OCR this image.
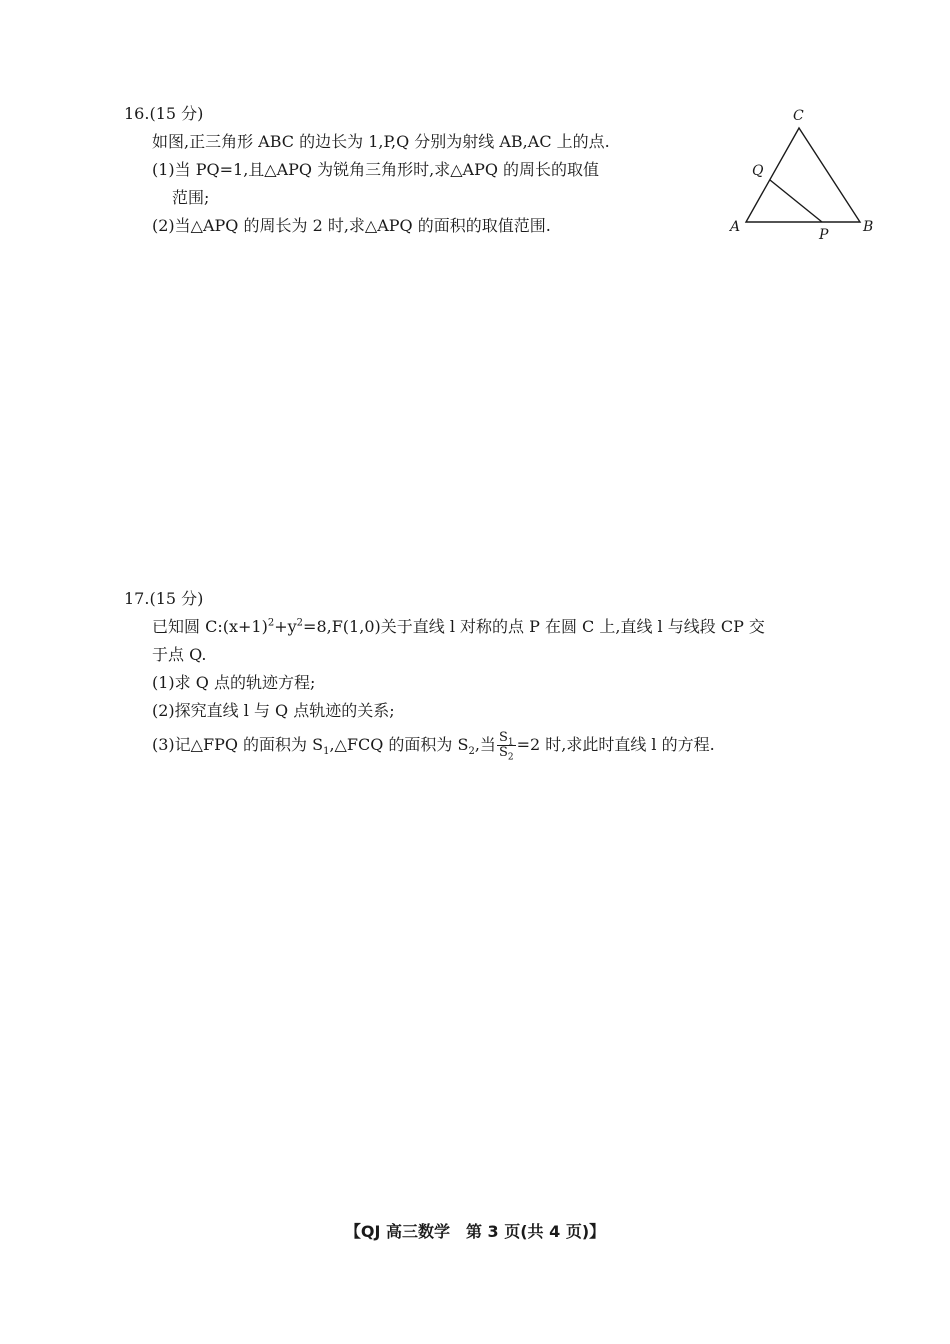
16.(15 分)
如图,正三角形 ABC 的边长为 1,P,Q 分别为射线 AB,AC 上的点.
(1)当 PQ=1,且△APQ 为锐角三角形时,求△APQ 的周长的取值
范围;
(2)当△APQ 的周长为 2 时,求△APQ 的面积的取值范围.	A	B
C
P
Q
17.(15 分)
已知圆 $C:(x+1)^2+y^2=8,F(1,0)$关于直线 l 对称的点 P 在圆 C 上,直线 l 与线段 CP 交
于点 Q.
(1)求 Q 点的轨迹方程;
(2)探究直线 l 与 Q 点轨迹的关系;
(3)记△FPQ 的面积为 $S_1,\triangle FCQ$ 的面积为 $S_2$,当 $\frac{S_1}{S_2} =2$ 时,求此时直线 l 的方程.
【QJ 高三数学　第 3 页(共 4 页)】
